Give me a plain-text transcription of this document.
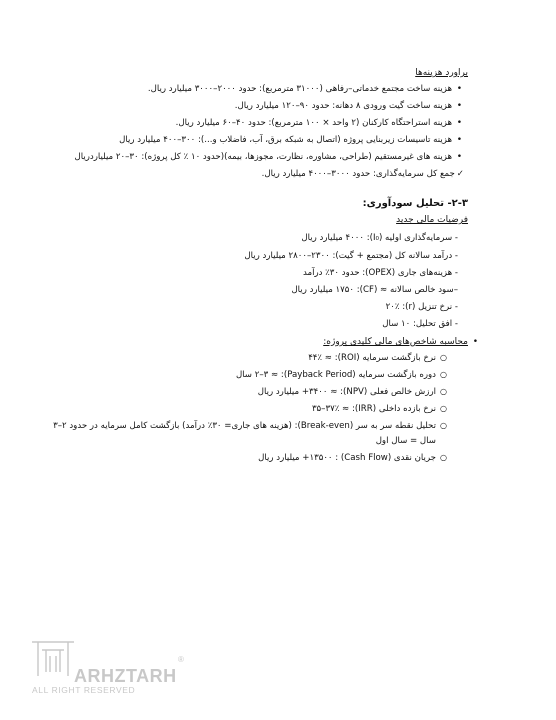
براورد هزینه‌ها
• هزینه ساخت مجتمع خدماتی–رفاهی (۳۱۰۰۰ مترمربع): حدود ۲۰۰۰–۳۰۰۰ میلیارد ریال.
• هزینه ساخت گیت ورودی ۸ دهانه: حدود ۹۰–۱۲۰ میلیارد ریال.
• هزینه استراحتگاه کارکنان (۲ واحد × ۱۰۰ مترمربع): حدود ۴۰–۶۰ میلیارد ریال.
• هزینه تاسیسات زیربنایی پروژه (اتصال به شبکه برق، آب، فاضلاب و...): ۳۰۰–۴۰۰ میلیارد ریال
• هزینه های غیرمستقیم (طراحی، مشاوره، نظارت، مجوزها، بیمه)(حدود ۱۰ ٪ کل پروژه): ۳۰–۲۰ میلیاردریال
✓جمع کل سرمایه‌گذاری: حدود ۳۰۰۰–۴۰۰۰ میلیارد ریال.
۲-۳- تحلیل سودآوری:
فرضیات مالی جدید
- سرمایه‌گذاری اولیه (I₀): ۴۰۰۰ میلیارد ریال
- درآمد سالانه کل (مجتمع + گیت): ۲۳۰۰–۲۸۰۰ میلیارد ریال
- هزینه‌های جاری (OPEX): حدود ۳۰٪ درآمد
–سود خالص سالانه ≈ (CF): ۱۷۵۰ میلیارد ریال
- نرخ تنزیل (r): ۲۰٪
- افق تحلیل: ۱۰ سال
• محاسبه شاخص‌های مالی کلیدی پروژه:
○ نرخ بازگشت سرمایه (ROI): ≈ ۴۴٪
○ دوره بازگشت سرمایه (Payback Period): ≈ ۲–۳ سال
○ ارزش خالص فعلی (NPV): ≈ ۳۴۰۰+ میلیارد ریال
○ نرخ بازده داخلی (IRR): ≈ ۳۵–۳۷٪
○ تحلیل نقطه سر به سر (Break-even): (هزینه های جاری= ۳۰٪ درآمد) بازگشت کامل سرمایه در حدود ۲–۳
سال = سال اول
○ جریان نقدی (Cash Flow) : ۱۳۵۰۰+ میلیارد ریال
ARHZTARH
®
ALL RIGHT RESERVED
